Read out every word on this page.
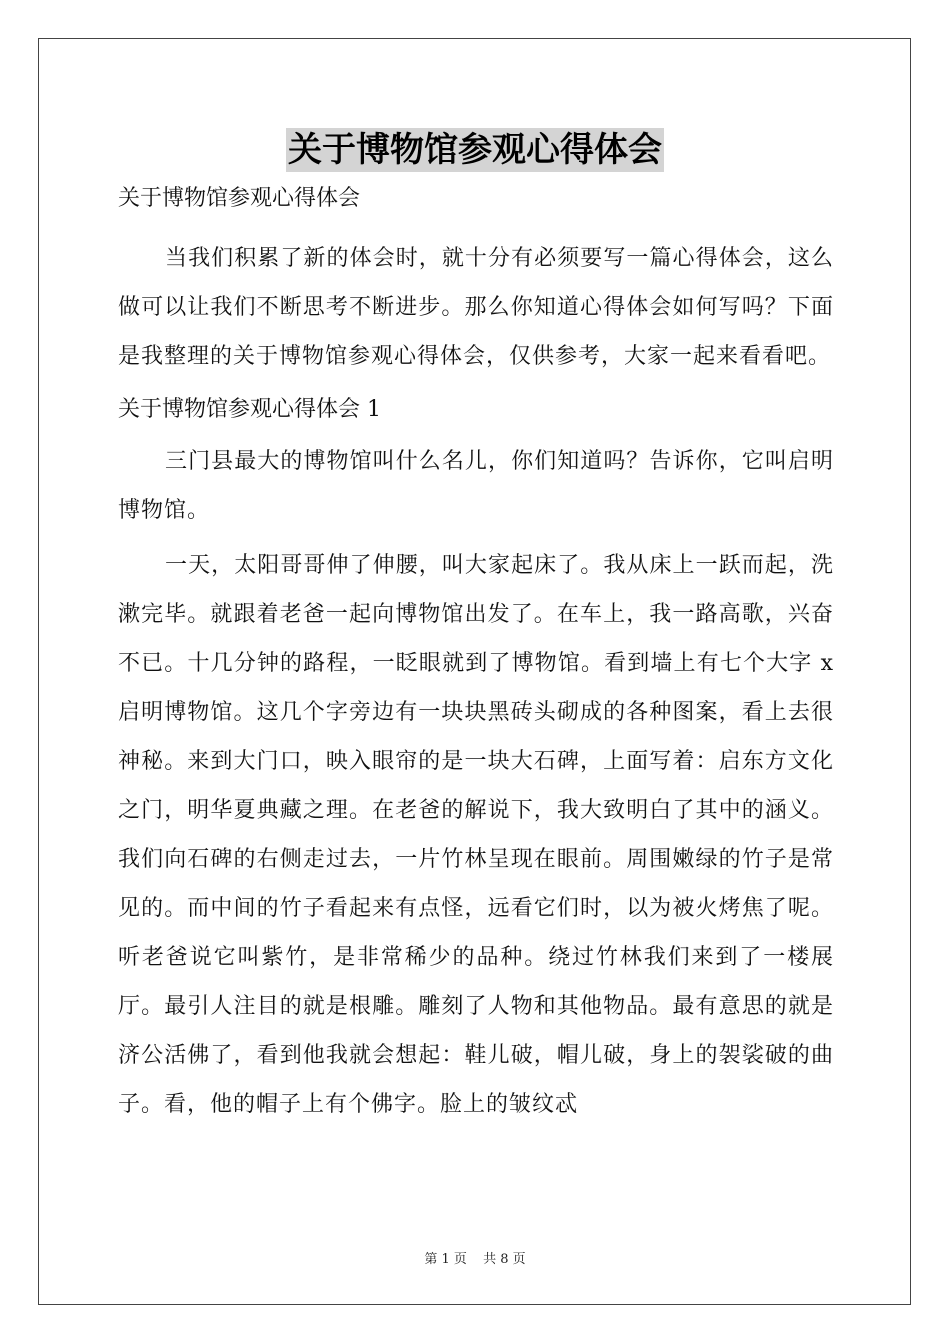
关于博物馆参观心得体会

关于博物馆参观心得体会

当我们积累了新的体会时，就十分有必须要写一篇心得体会，这么做可以让我们不断思考不断进步。那么你知道心得体会如何写吗？下面是我整理的关于博物馆参观心得体会，仅供参考，大家一起来看看吧。

关于博物馆参观心得体会 1

三门县最大的博物馆叫什么名儿，你们知道吗？告诉你，它叫启明博物馆。

一天，太阳哥哥伸了伸腰，叫大家起床了。我从床上一跃而起，洗漱完毕。就跟着老爸一起向博物馆出发了。在车上，我一路高歌，兴奋不已。十几分钟的路程，一眨眼就到了博物馆。看到墙上有七个大字 x 启明博物馆。这几个字旁边有一块块黑砖头砌成的各种图案，看上去很神秘。来到大门口，映入眼帘的是一块大石碑，上面写着：启东方文化之门，明华夏典藏之理。在老爸的解说下，我大致明白了其中的涵义。我们向石碑的右侧走过去，一片竹林呈现在眼前。周围嫩绿的竹子是常见的。而中间的竹子看起来有点怪，远看它们时，以为被火烤焦了呢。听老爸说它叫紫竹，是非常稀少的品种。绕过竹林我们来到了一楼展厅。最引人注目的就是根雕。雕刻了人物和其他物品。最有意思的就是济公活佛了，看到他我就会想起：鞋儿破，帽儿破，身上的袈裟破的曲子。看，他的帽子上有个佛字。脸上的皱纹忒

第 1 页 共 8 页
